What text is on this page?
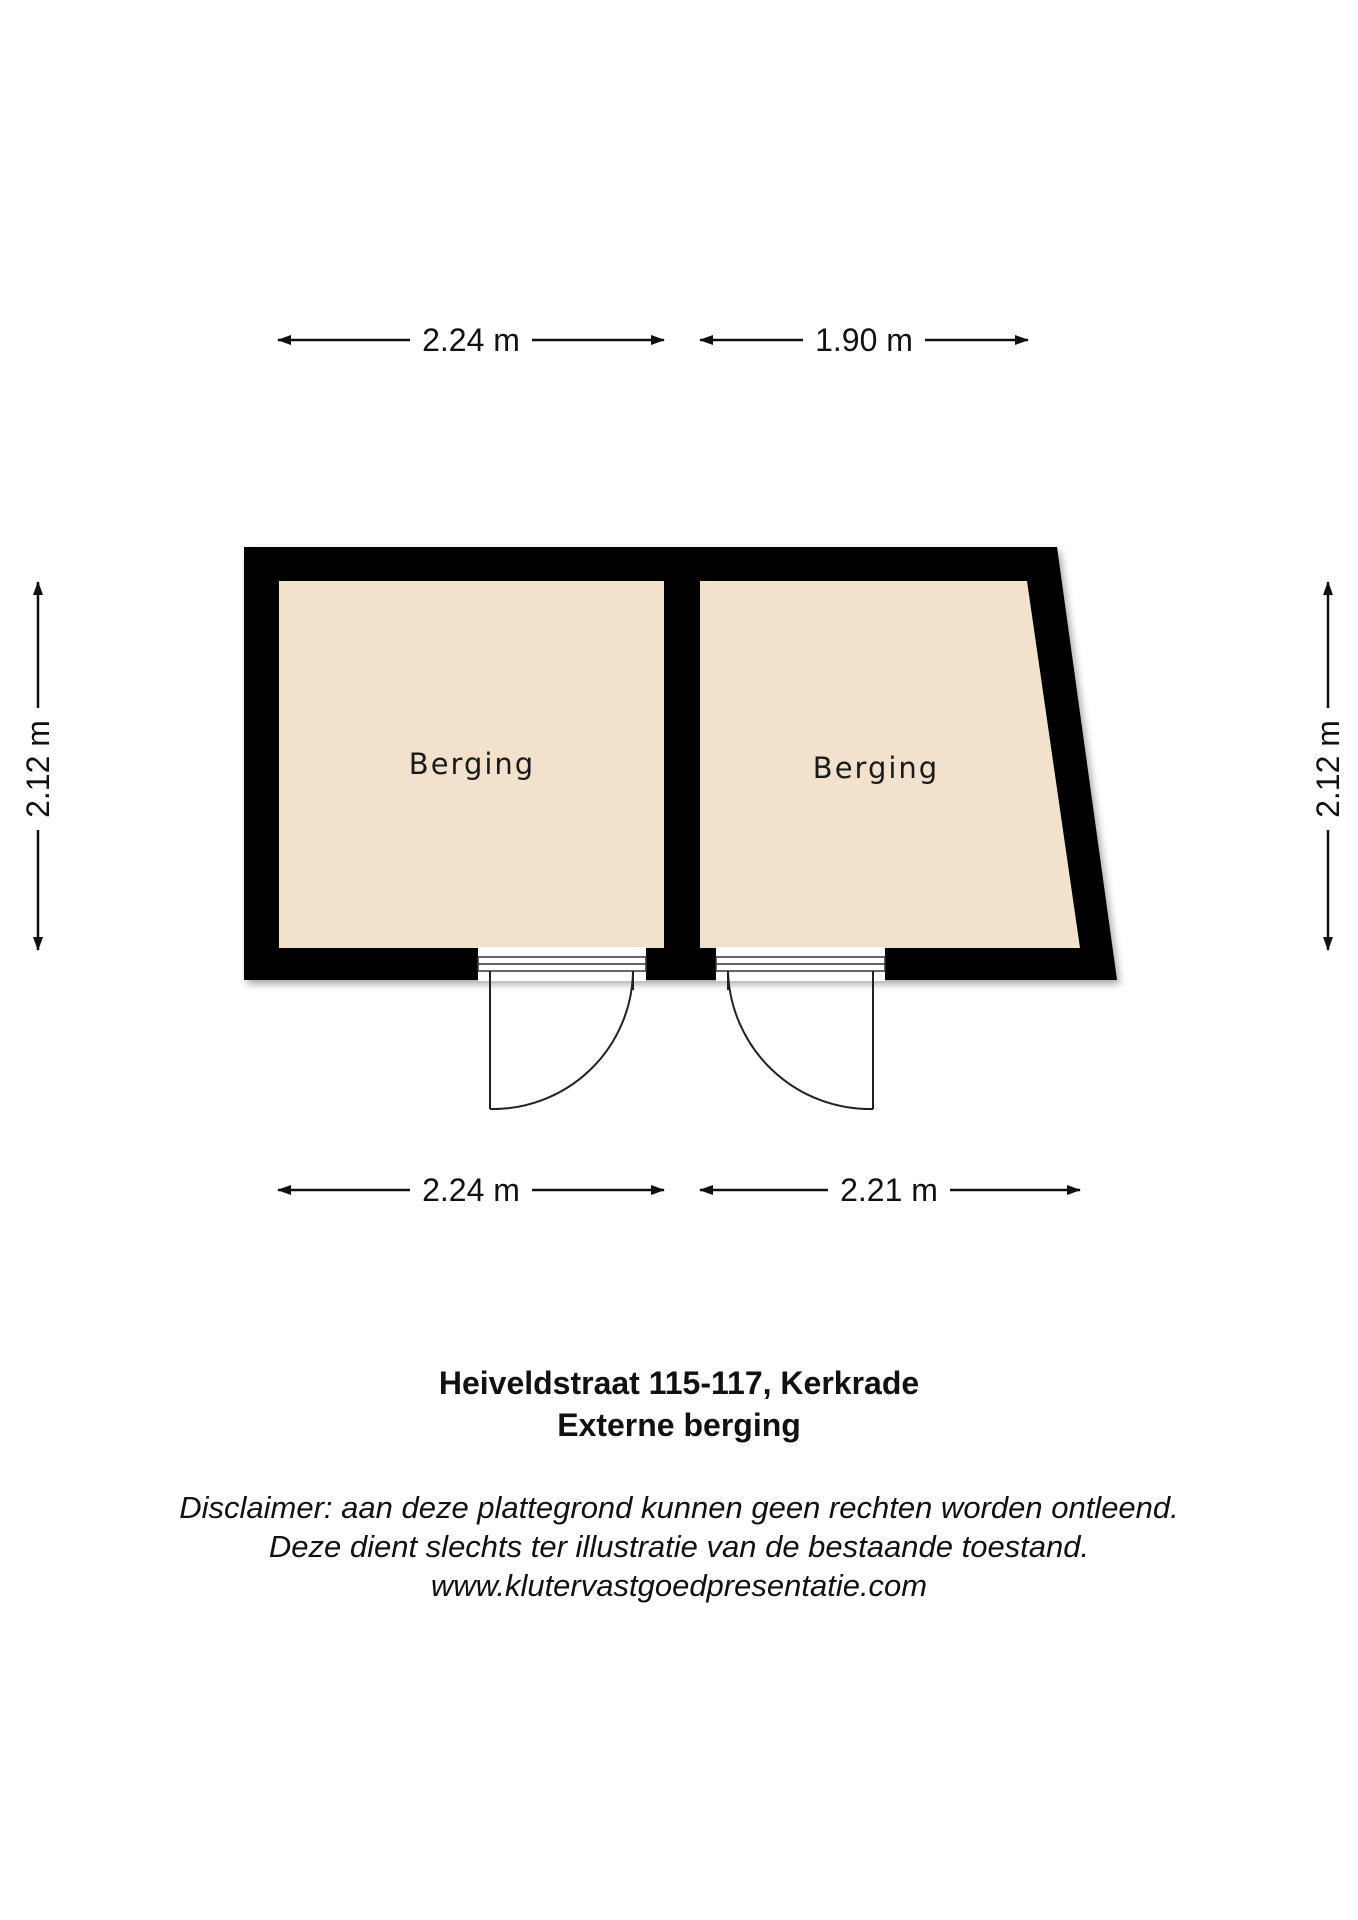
2.24 m	1.90 m
2.24 m	2.21 m
2.12 m	2.12 m
Berging	Berging
Heiveldstraat 115-117, Kerkrade
Externe berging
Disclaimer: aan deze plattegrond kunnen geen rechten worden ontleend.
Deze dient slechts ter illustratie van de bestaande toestand.
www.klutervastgoedpresentatie.com
